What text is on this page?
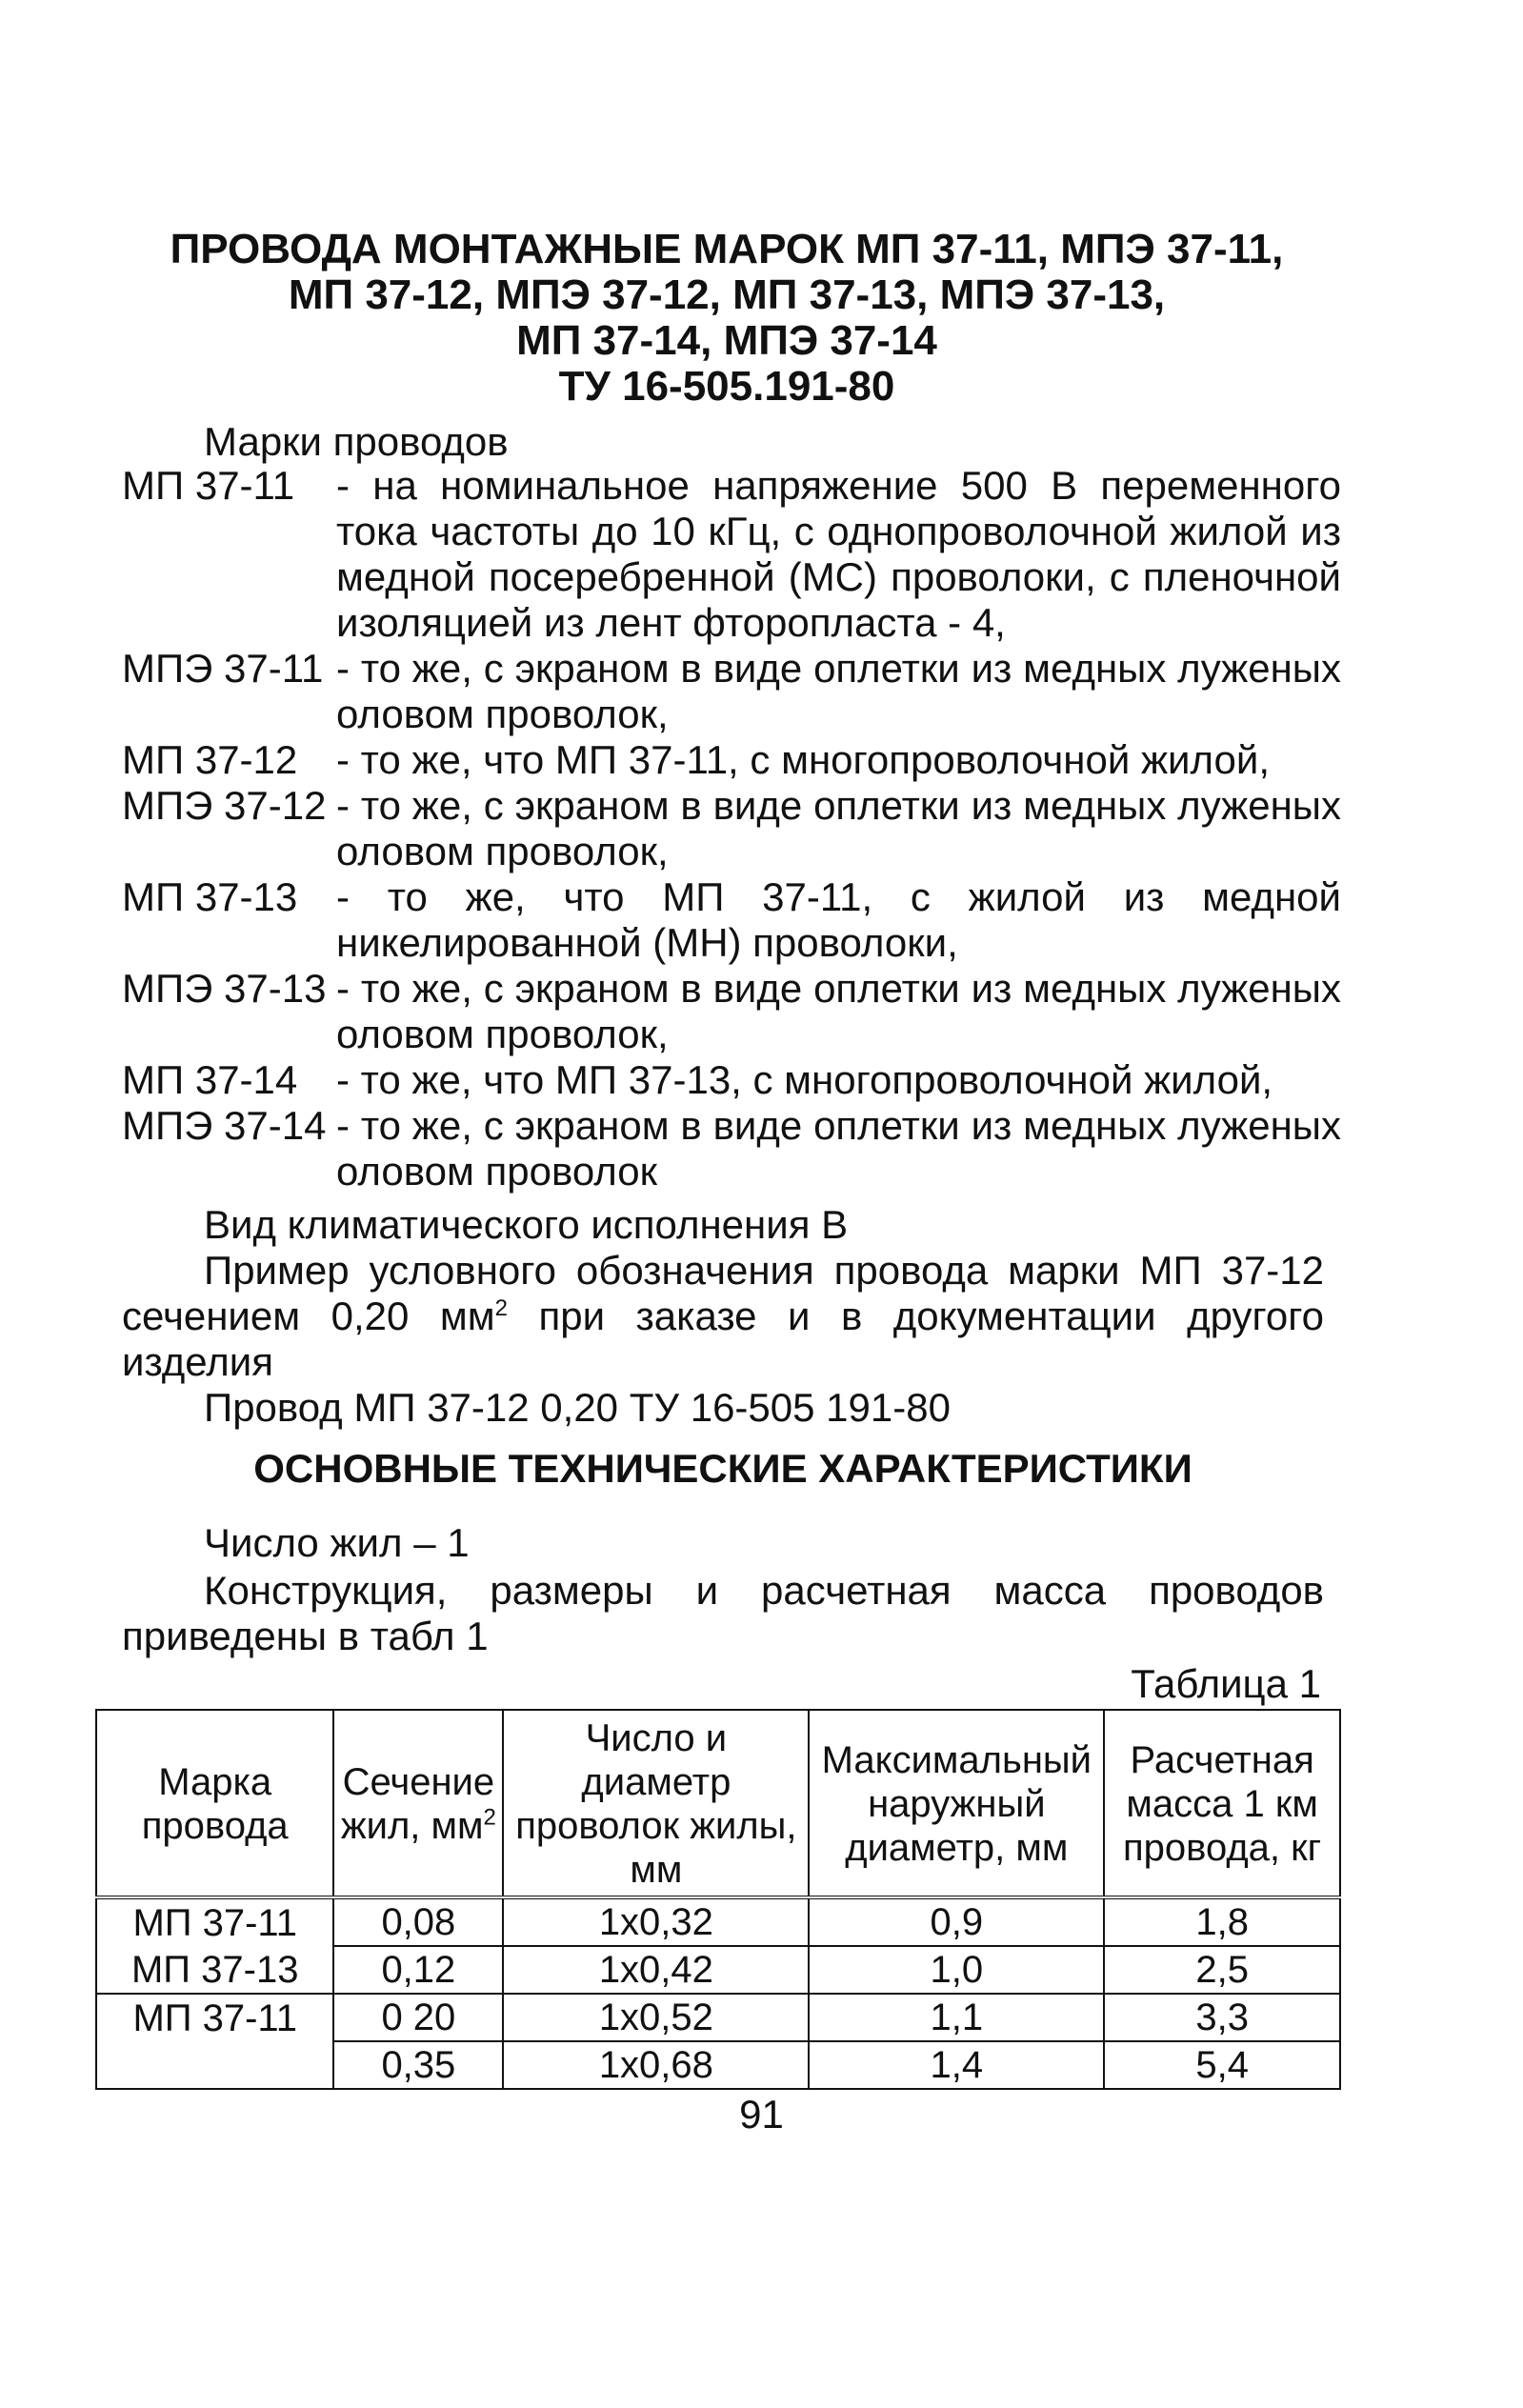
ПРОВОДА МОНТАЖНЫЕ МАРОК МП 37-11, МПЭ 37-11,
МП 37-12, МПЭ 37-12, МП 37-13, МПЭ 37-13,
МП 37-14, МПЭ 37-14
ТУ 16-505.191-80
Марки проводов
МП 37-11 - на номинальное напряжение 500 В переменного тока частоты до 10 кГц, с однопроволочной жилой из медной посеребренной (МС) проволоки, с пленочной изоляцией из лент фторопласта - 4,
МПЭ 37-11 - то же, с экраном в виде оплетки из медных луженых оловом проволок,
МП 37-12 - то же, что МП 37-11, с многопроволочной жилой,
МПЭ 37-12 - то же, с экраном в виде оплетки из медных луженых оловом проволок,
МП 37-13 - то же, что МП 37-11, с жилой из медной никелированной (МН) проволоки,
МПЭ 37-13 - то же, с экраном в виде оплетки из медных луженых оловом проволок,
МП 37-14 - то же, что МП 37-13, с многопроволочной жилой,
МПЭ 37-14 - то же, с экраном в виде оплетки из медных луженых оловом проволок
Вид климатического исполнения В
Пример условного обозначения провода марки МП 37-12 сечением 0,20 $мм^2$ при заказе и в документации другого изделия
Провод МП 37-12 0,20 ТУ 16-505 191-80
ОСНОВНЫЕ ТЕХНИЧЕСКИЕ ХАРАКТЕРИСТИКИ
Число жил – 1
Конструкция, размеры и расчетная масса проводов приведены в табл 1
Таблица 1
Марка провода	Сечение жил, $мм^2$	Число и диаметр проволок жилы, мм	Максимальный наружный диаметр, мм	Расчетная масса 1 км провода, кг
МП 37-11	0,08	1x0,32	0,9	1,8
МП 37-13	0,12	1x0,42	1,0	2,5
МП 37-11	0 20	1x0,52	1,1	3,3
	0,35	1x0,68	1,4	5,4
91
